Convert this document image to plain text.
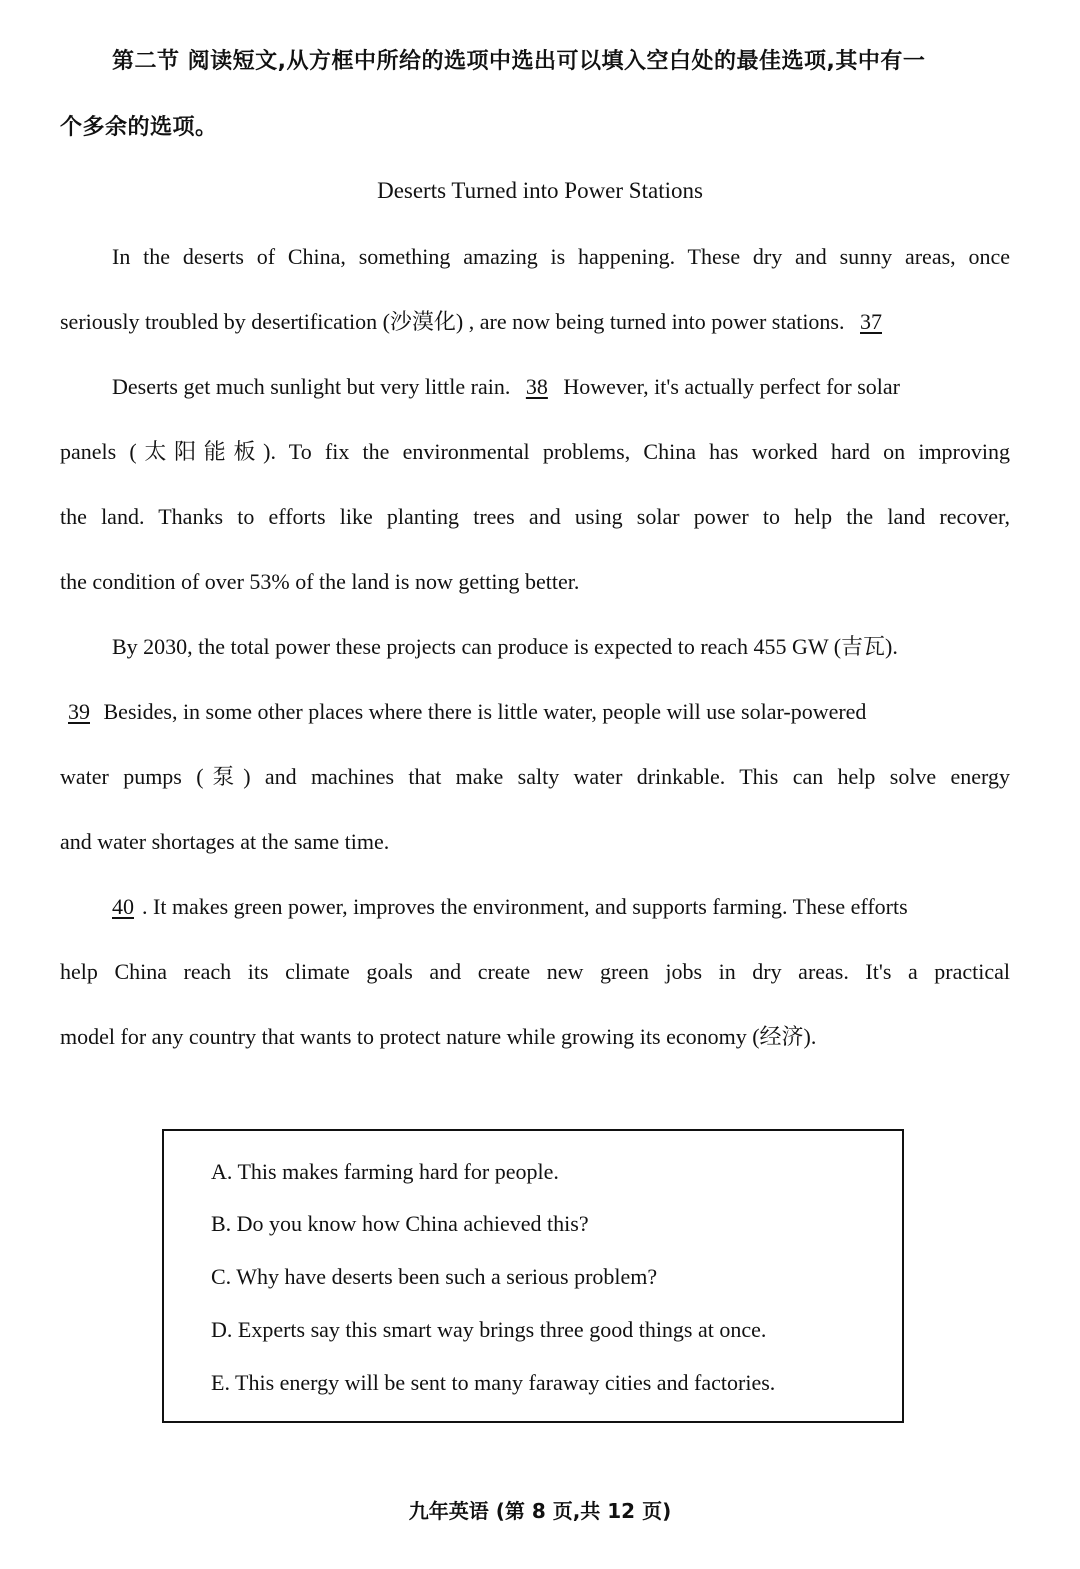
第二节 阅读短文,从方框中所给的选项中选出可以填入空白处的最佳选项,其中有一
个多余的选项。
Deserts Turned into Power Stations
In the deserts of China, something amazing is happening. These dry and sunny areas, once
seriously troubled by desertification (沙漠化) , are now being turned into power stations. 37
Deserts get much sunlight but very little rain. 38 However, it's actually perfect for solar
panels (太阳能板). To fix the environmental problems, China has worked hard on improving
the land. Thanks to efforts like planting trees and using solar power to help the land recover,
the condition of over 53% of the land is now getting better.
By 2030, the total power these projects can produce is expected to reach 455 GW (吉瓦).
39 Besides, in some other places where there is little water, people will use solar-powered
water pumps (泵) and machines that make salty water drinkable. This can help solve energy
and water shortages at the same time.
40 . It makes green power, improves the environment, and supports farming. These efforts
help China reach its climate goals and create new green jobs in dry areas. It's a practical
model for any country that wants to protect nature while growing its economy (经济).
A. This makes farming hard for people.
B. Do you know how China achieved this?
C. Why have deserts been such a serious problem?
D. Experts say this smart way brings three good things at once.
E. This energy will be sent to many faraway cities and factories.
九年英语 (第 8 页,共 12 页)
